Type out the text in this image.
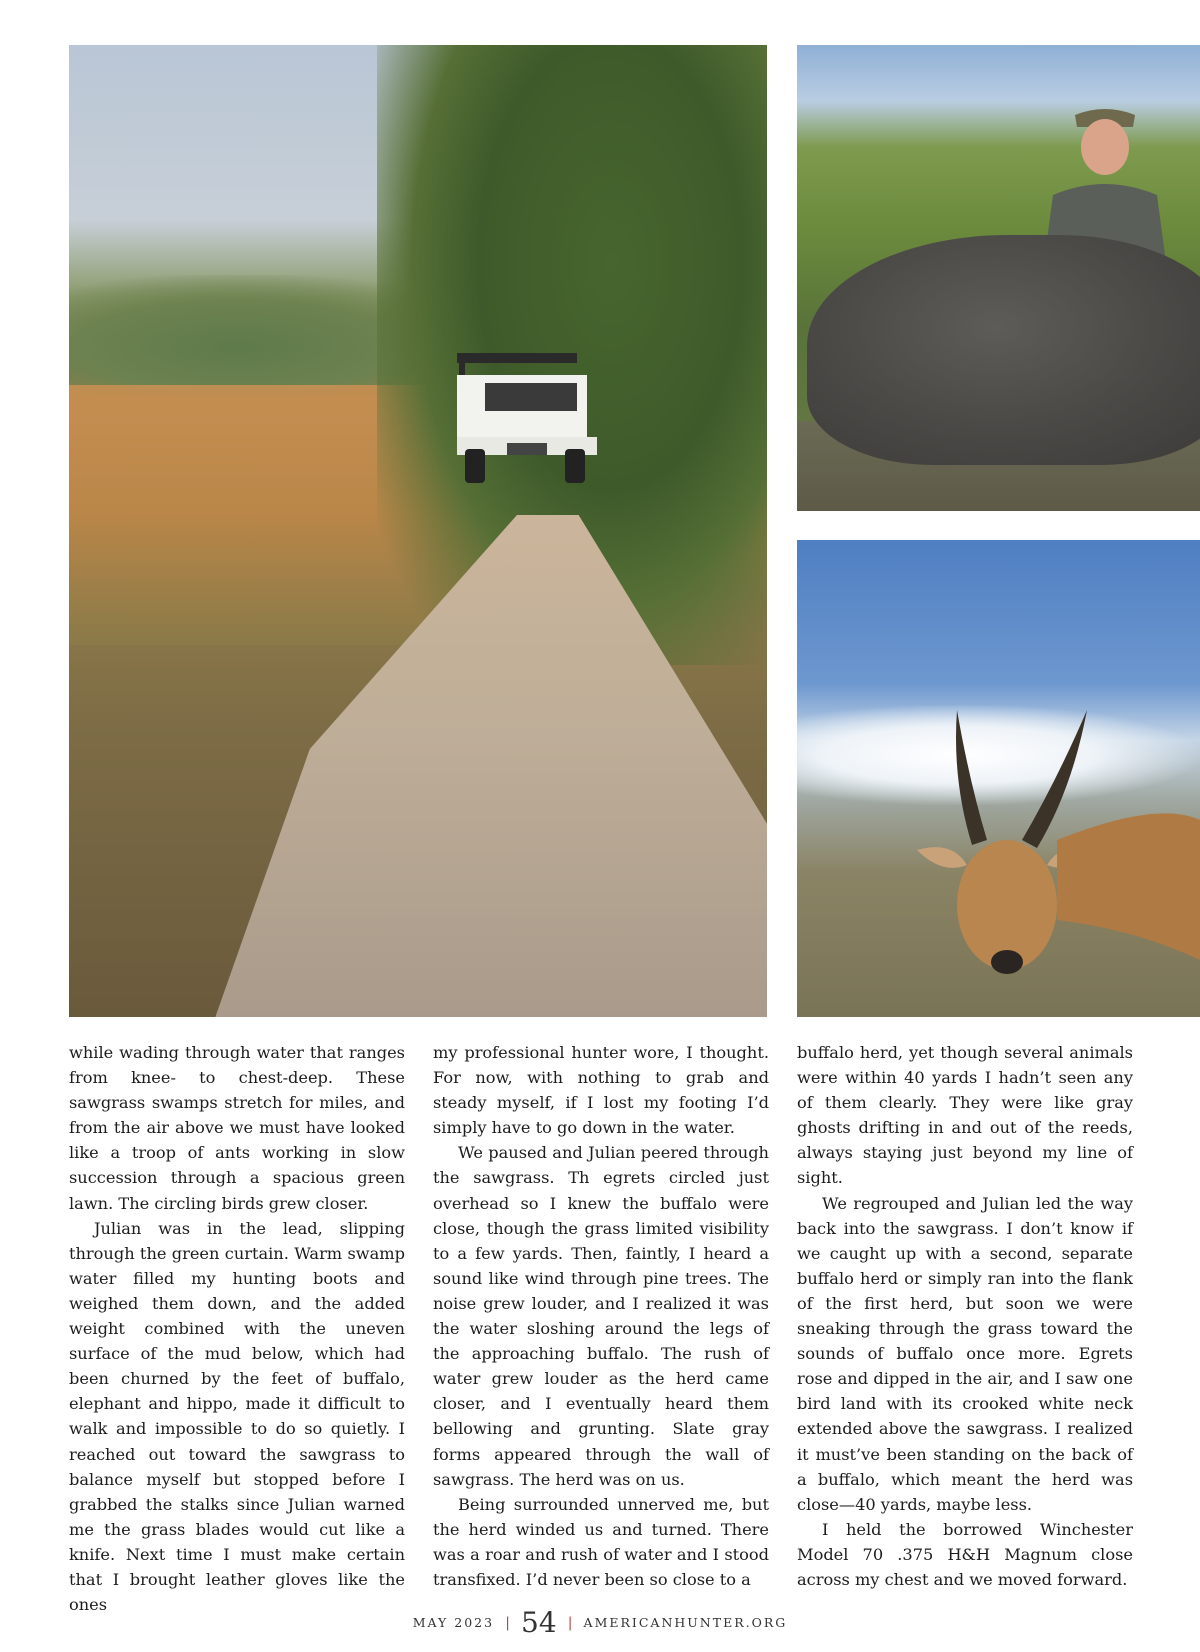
while wading through water that ranges from knee- to chest-deep. These sawgrass swamps stretch for miles, and from the air above we must have looked like a troop of ants working in slow succession through a spacious green lawn. The circling birds grew closer.

Julian was in the lead, slipping through the green curtain. Warm swamp water filled my hunting boots and weighed them down, and the added weight combined with the uneven surface of the mud below, which had been churned by the feet of buffalo, elephant and hippo, made it difficult to walk and impossible to do so quietly. I reached out toward the sawgrass to balance myself but stopped before I grabbed the stalks since Julian warned me the grass blades would cut like a knife. Next time I must make certain that I brought leather gloves like the ones

my professional hunter wore, I thought. For now, with nothing to grab and steady myself, if I lost my footing I’d simply have to go down in the water.

We paused and Julian peered through the sawgrass. Th egrets circled just overhead so I knew the buffalo were close, though the grass limited visibility to a few yards. Then, faintly, I heard a sound like wind through pine trees. The noise grew louder, and I realized it was the water sloshing around the legs of the approaching buffalo. The rush of water grew louder as the herd came closer, and I eventually heard them bellowing and grunting. Slate gray forms appeared through the wall of sawgrass. The herd was on us.

Being surrounded unnerved me, but the herd winded us and turned. There was a roar and rush of water and I stood transfixed. I’d never been so close to a

buffalo herd, yet though several animals were within 40 yards I hadn’t seen any of them clearly. They were like gray ghosts drifting in and out of the reeds, always staying just beyond my line of sight.

We regrouped and Julian led the way back into the sawgrass. I don’t know if we caught up with a second, separate buffalo herd or simply ran into the flank of the first herd, but soon we were sneaking through the grass toward the sounds of buffalo once more. Egrets rose and dipped in the air, and I saw one bird land with its crooked white neck extended above the sawgrass. I realized it must’ve been standing on the back of a buffalo, which meant the herd was close—40 yards, maybe less.

I held the borrowed Winchester Model 70 .375 H&H Magnum close across my chest and we moved forward.

MAY 2023 | 54 | AMERICANHUNTER.ORG
